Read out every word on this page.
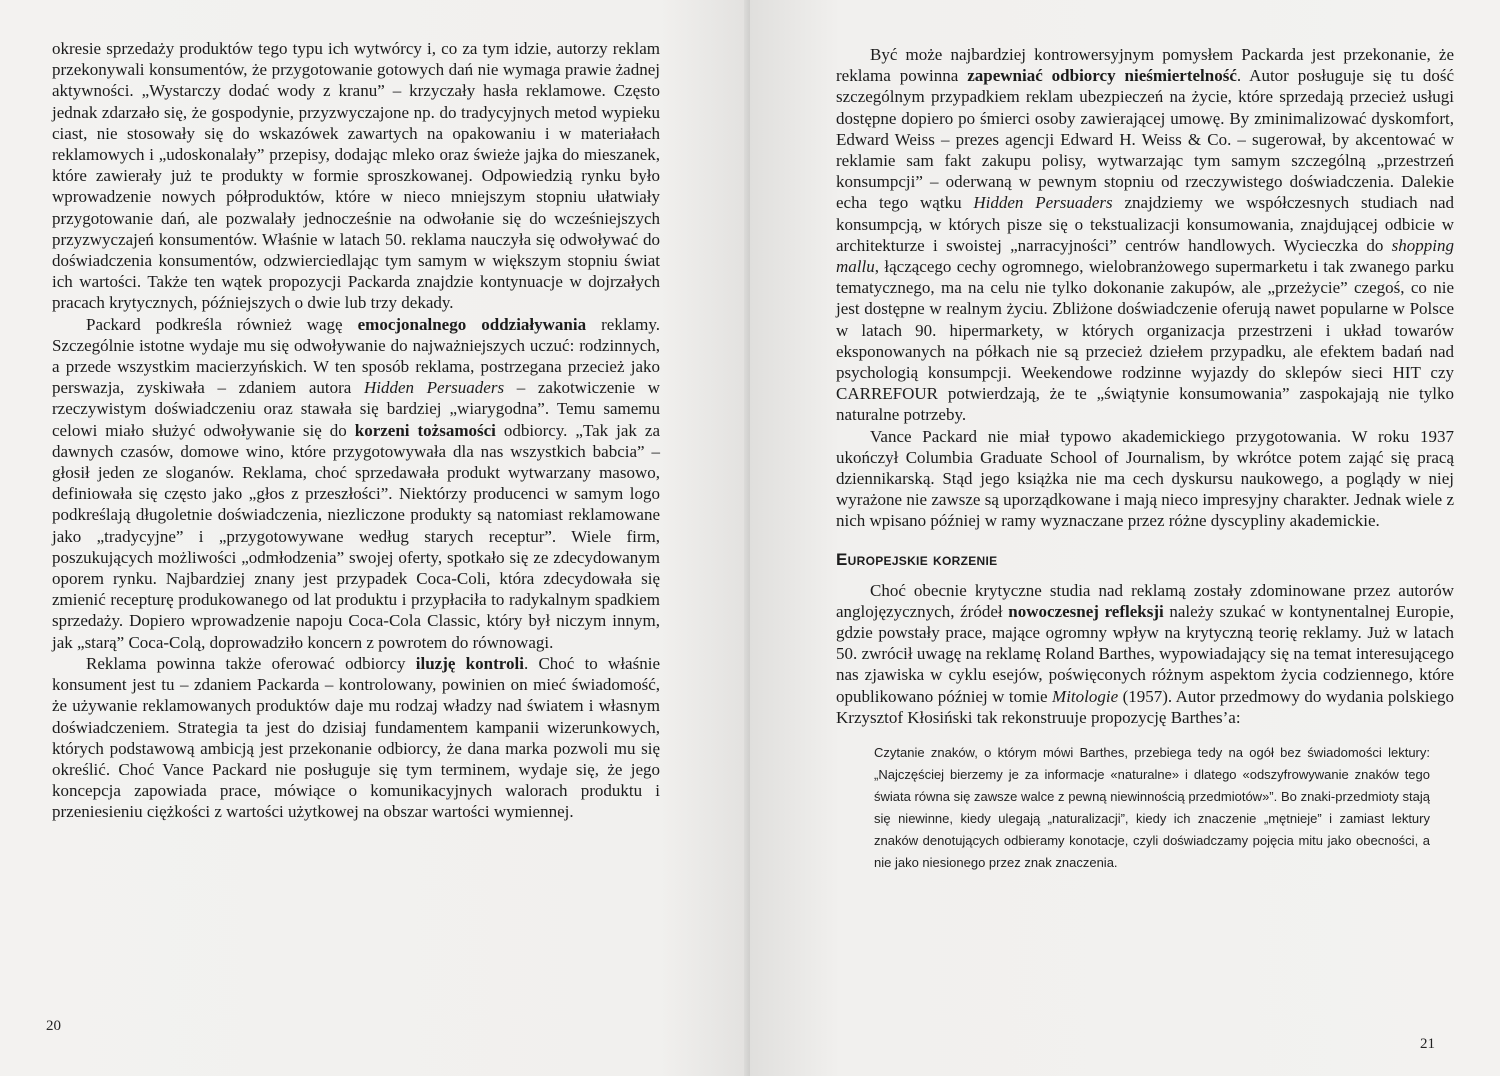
okresie sprzedaży produktów tego typu ich wytwórcy i, co za tym idzie, autorzy reklam przekonywali konsumentów, że przygotowanie gotowych dań nie wymaga prawie żadnej aktywności. „Wystarczy dodać wody z kranu” – krzyczały hasła reklamowe. Często jednak zdarzało się, że gospodynie, przyzwyczajone np. do tradycyjnych metod wypieku ciast, nie stosowały się do wskazówek zawartych na opakowaniu i w materiałach reklamowych i „udoskonalały” przepisy, dodając mleko oraz świeże jajka do mieszanek, które zawierały już te produkty w formie sproszkowanej. Odpowiedzią rynku było wprowadzenie nowych półproduktów, które w nieco mniejszym stopniu ułatwiały przygotowanie dań, ale pozwalały jednocześnie na odwołanie się do wcześniejszych przyzwyczajeń konsumentów. Właśnie w latach 50. reklama nauczyła się odwoływać do doświadczenia konsumentów, odzwierciedlając tym samym w większym stopniu świat ich wartości. Także ten wątek propozycji Packarda znajdzie kontynuacje w dojrzałych pracach krytycznych, późniejszych o dwie lub trzy dekady.

Packard podkreśla również wagę emocjonalnego oddziaływania reklamy. Szczególnie istotne wydaje mu się odwoływanie do najważniejszych uczuć: rodzinnych, a przede wszystkim macierzyńskich. W ten sposób reklama, postrzegana przecież jako perswazja, zyskiwała – zdaniem autora Hidden Persuaders – zakotwiczenie w rzeczywistym doświadczeniu oraz stawała się bardziej „wiarygodna”. Temu samemu celowi miało służyć odwoływanie się do korzeni tożsamości odbiorcy. „Tak jak za dawnych czasów, domowe wino, które przygotowywała dla nas wszystkich babcia” – głosił jeden ze sloganów. Reklama, choć sprzedawała produkt wytwarzany masowo, definiowała się często jako „głos z przeszłości”. Niektórzy producenci w samym logo podkreślają długoletnie doświadczenia, niezliczone produkty są natomiast reklamowane jako „tradycyjne” i „przygotowywane według starych receptur”. Wiele firm, poszukujących możliwości „odmłodzenia” swojej oferty, spotkało się ze zdecydowanym oporem rynku. Najbardziej znany jest przypadek Coca-Coli, która zdecydowała się zmienić recepturę produkowanego od lat produktu i przypłaciła to radykalnym spadkiem sprzedaży. Dopiero wprowadzenie napoju Coca-Cola Classic, który był niczym innym, jak „starą” Coca-Colą, doprowadziło koncern z powrotem do równowagi.

Reklama powinna także oferować odbiorcy iluzję kontroli. Choć to właśnie konsument jest tu – zdaniem Packarda – kontrolowany, powinien on mieć świadomość, że używanie reklamowanych produktów daje mu rodzaj władzy nad światem i własnym doświadczeniem. Strategia ta jest do dzisiaj fundamentem kampanii wizerunkowych, których podstawową ambicją jest przekonanie odbiorcy, że dana marka pozwoli mu się określić. Choć Vance Packard nie posługuje się tym terminem, wydaje się, że jego koncepcja zapowiada prace, mówiące o komunikacyjnych walorach produktu i przeniesieniu ciężkości z wartości użytkowej na obszar wartości wymiennej.

20

Być może najbardziej kontrowersyjnym pomysłem Packarda jest przekonanie, że reklama powinna zapewniać odbiorcy nieśmiertelność. Autor posługuje się tu dość szczególnym przypadkiem reklam ubezpieczeń na życie, które sprzedają przecież usługi dostępne dopiero po śmierci osoby zawierającej umowę. By zminimalizować dyskomfort, Edward Weiss – prezes agencji Edward H. Weiss & Co. – sugerował, by akcentować w reklamie sam fakt zakupu polisy, wytwarzając tym samym szczególną „przestrzeń konsumpcji” – oderwaną w pewnym stopniu od rzeczywistego doświadczenia. Dalekie echa tego wątku Hidden Persuaders znajdziemy we współczesnych studiach nad konsumpcją, w których pisze się o tekstualizacji konsumowania, znajdującej odbicie w architekturze i swoistej „narracyjności” centrów handlowych. Wycieczka do shopping mallu, łączącego cechy ogromnego, wielobranżowego supermarketu i tak zwanego parku tematycznego, ma na celu nie tylko dokonanie zakupów, ale „przeżycie” czegoś, co nie jest dostępne w realnym życiu. Zbliżone doświadczenie oferują nawet popularne w Polsce w latach 90. hipermarkety, w których organizacja przestrzeni i układ towarów eksponowanych na półkach nie są przecież dziełem przypadku, ale efektem badań nad psychologią konsumpcji. Weekendowe rodzinne wyjazdy do sklepów sieci HIT czy CARREFOUR potwierdzają, że te „świątynie konsumowania” zaspokajają nie tylko naturalne potrzeby.

Vance Packard nie miał typowo akademickiego przygotowania. W roku 1937 ukończył Columbia Graduate School of Journalism, by wkrótce potem zająć się pracą dziennikarską. Stąd jego książka nie ma cech dyskursu naukowego, a poglądy w niej wyrażone nie zawsze są uporządkowane i mają nieco impresyjny charakter. Jednak wiele z nich wpisano później w ramy wyznaczane przez różne dyscypliny akademickie.

Europejskie korzenie

Choć obecnie krytyczne studia nad reklamą zostały zdominowane przez autorów anglojęzycznych, źródeł nowoczesnej refleksji należy szukać w kontynentalnej Europie, gdzie powstały prace, mające ogromny wpływ na krytyczną teorię reklamy. Już w latach 50. zwrócił uwagę na reklamę Roland Barthes, wypowiadający się na temat interesującego nas zjawiska w cyklu esejów, poświęconych różnym aspektom życia codziennego, które opublikowano później w tomie Mitologie (1957). Autor przedmowy do wydania polskiego Krzysztof Kłosiński tak rekonstruuje propozycję Barthes’a:

Czytanie znaków, o którym mówi Barthes, przebiega tedy na ogół bez świadomości lektury: „Najczęściej bierzemy je za informacje «naturalne» i dlatego «odszyfrowywanie znaków tego świata równa się zawsze walce z pewną niewinnością przedmiotów»”. Bo znaki-przedmioty stają się niewinne, kiedy ulegają „naturalizacji”, kiedy ich znaczenie „mętnieje” i zamiast lektury znaków denotujących odbieramy konotacje, czyli doświadczamy pojęcia mitu jako obecności, a nie jako niesionego przez znak znaczenia.
21
